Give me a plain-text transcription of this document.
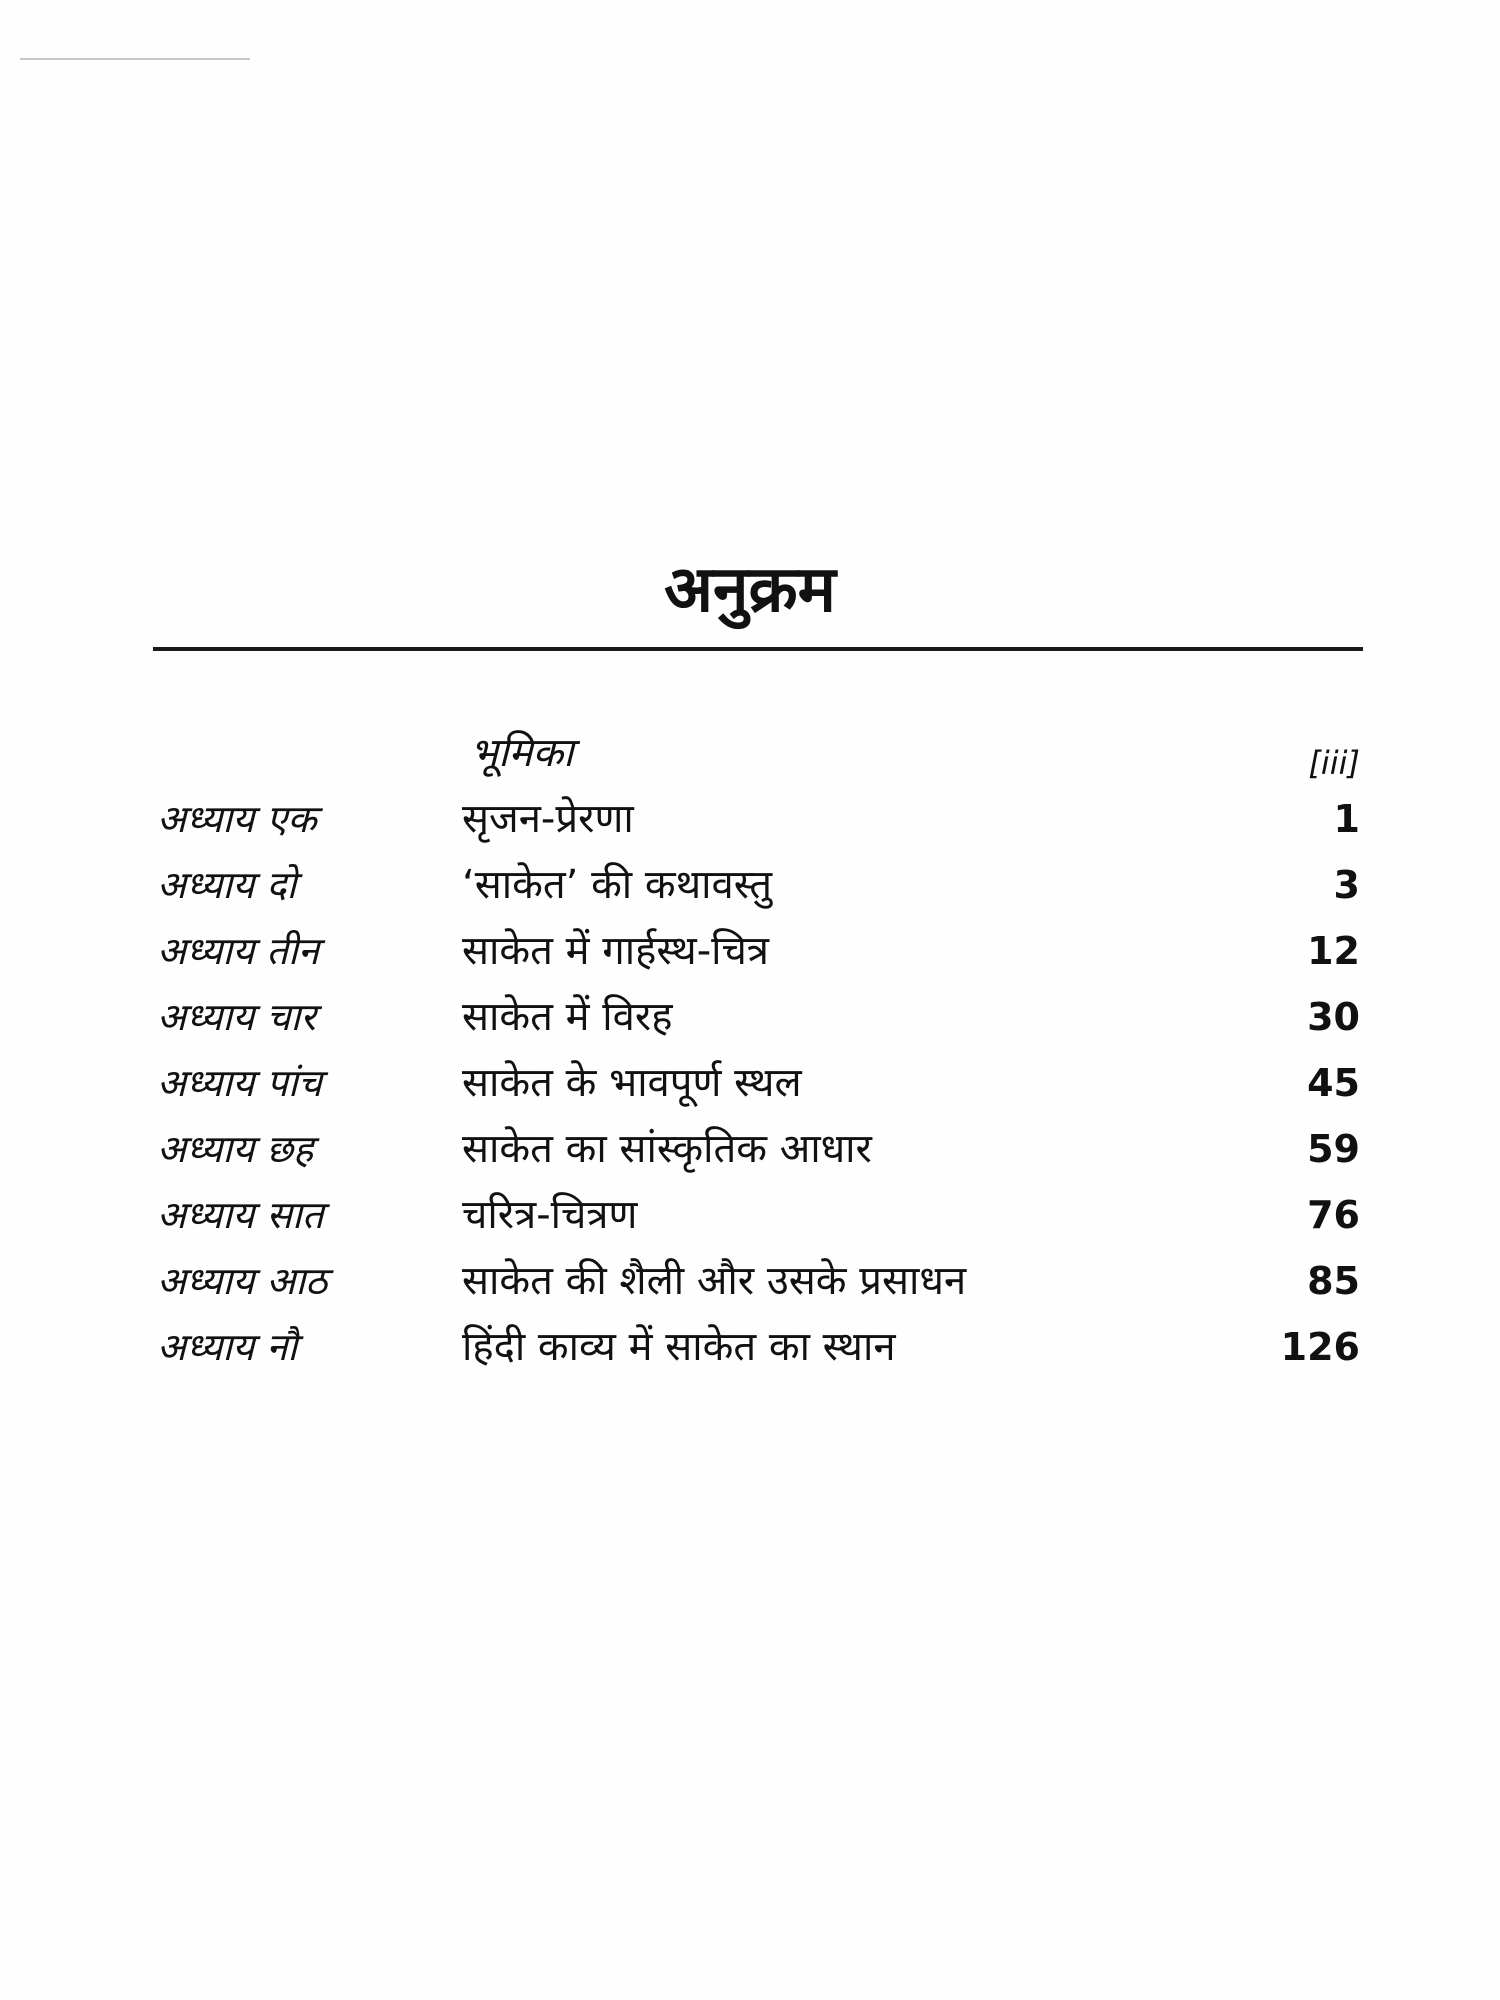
अनुक्रम
भूमिका	[iii]
अध्याय एक	सृजन-प्रेरणा	1
अध्याय दो	‘साकेत’ की कथावस्तु	3
अध्याय तीन	साकेत में गार्हस्थ-चित्र	12
अध्याय चार	साकेत में विरह	30
अध्याय पांच	साकेत के भावपूर्ण स्थल	45
अध्याय छह	साकेत का सांस्कृतिक आधार	59
अध्याय सात	चरित्र-चित्रण	76
अध्याय आठ	साकेत की शैली और उसके प्रसाधन	85
अध्याय नौ	हिंदी काव्य में साकेत का स्थान	126
